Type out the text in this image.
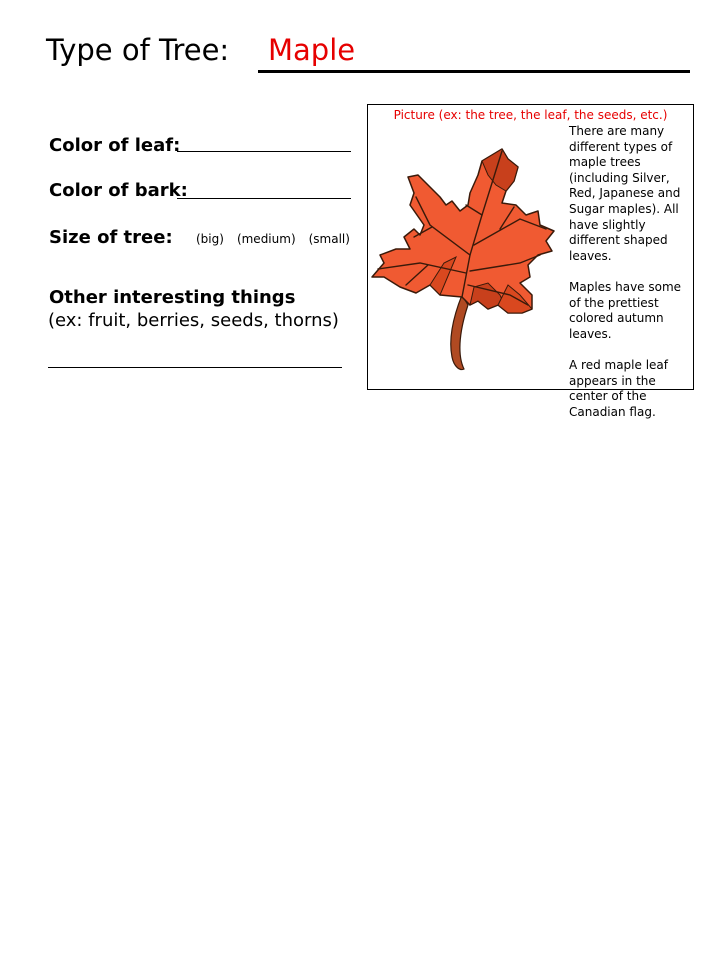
Type of Tree: Maple
Color of leaf:
Color of bark:
Size of tree: (big) (medium) (small)
Other interesting things
(ex: fruit, berries, seeds, thorns)
Picture (ex: the tree, the leaf, the seeds, etc.)

There are many different types of maple trees (including Silver, Red, Japanese and Sugar maples). All have slightly different shaped leaves.

Maples have some of the prettiest colored autumn leaves.

A red maple leaf appears in the center of the Canadian flag.
